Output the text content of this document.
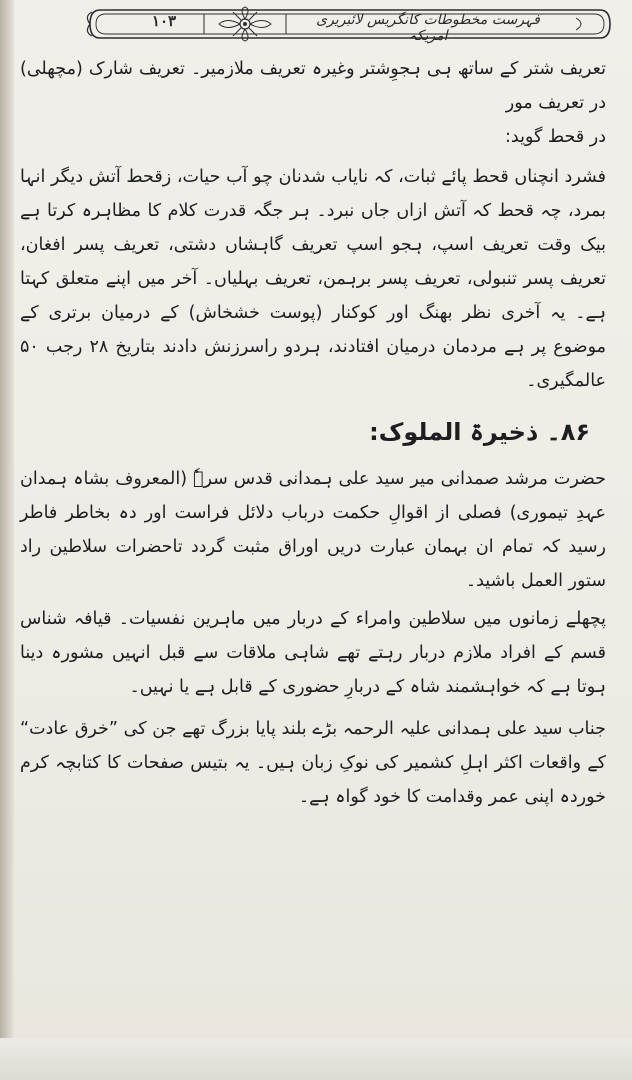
۱۰۳	فہرست مخطوطات کانگریس لائبریری امریکہ

تعریف شتر کے ساتھ ہی ہجوِشتر وغیرہ تعریف ملازمیر۔ تعریف شارک (مچھلی) در تعریف مور

در قحط گوید:

فشرد انچناں قحط پائے ثبات، کہ نایاب شدنان چو آب حیات، زقحط آتش دیگر انہا بمرد، چہ قحط کہ آتش ازاں جاں نبرد۔ ہر جگہ قدرت کلام کا مظاہرہ کرتا ہے بیک وقت تعریف اسپ، ہجو اسپ تعریف گاہشاں دشتی، تعریف پسر افغان، تعریف پسر تنبولی، تعریف پسر برہمن، تعریف بہلیاں۔ آخر میں اپنے متعلق کہتا ہے۔ یہ آخری نظر بھنگ اور کوکنار (پوست خشخاش) کے درمیان برتری کے موضوع پر ہے مردمان درمیان افتادند، ہردو راسرزنش دادند بتاریخ ۲۸ رجب ۵۰ عالمگیری۔

۸۶۔ ذخیرۃ الملوک:

حضرت مرشد صمدانی میر سید علی ہمدانی قدس سرہٗ (المعروف بشاہ ہمدان عہدِ تیموری) فصلی از اقوالِ حکمت درباب دلائل فراست اور دہ بخاطر فاطر رسید کہ تمام ان بہمان عبارت دریں اوراق مثبت گردد تاحضرات سلاطین راد ستور العمل باشید۔

پچھلے زمانوں میں سلاطین وامراء کے دربار میں ماہرین نفسیات۔ قیافہ شناس قسم کے افراد ملازم دربار رہتے تھے شاہی ملاقات سے قبل انہیں مشورہ دینا ہوتا ہے کہ خواہشمند شاہ کے دربارِ حضوری کے قابل ہے یا نہیں۔

جناب سید علی ہمدانی علیہ الرحمہ بڑے بلند پایا بزرگ تھے جن کی ”خرق عادت“ کے واقعات اکثر اہلِ کشمیر کی نوکِ زبان ہیں۔ یہ بتیس صفحات کا کتابچہ کرم خوردہ اپنی عمر وقدامت کا خود گواہ ہے۔
